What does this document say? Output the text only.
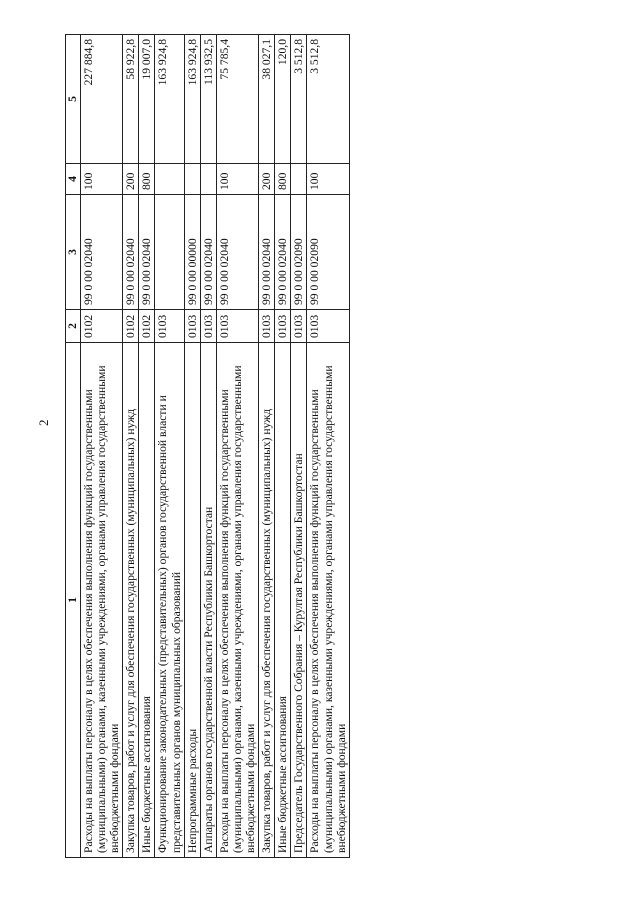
2
1	2	3	4	5
Расходы на выплаты персоналу в целях обеспечения выполнения функций государственными (муниципальными) органами, казенными учреждениями, органами управления государственными внебюджетными фондами	0102	99 0 00 02040	100	227 884,8
Закупка товаров, работ и услуг для обеспечения государственных (муниципальных) нужд	0102	99 0 00 02040	200	58 922,8
Иные бюджетные ассигнования	0102	99 0 00 02040	800	19 007,0
Функционирование законодательных (представительных) органов государственной власти и представительных органов муниципальных образований	0103			163 924,8
Непрограммные расходы	0103	99 0 00 00000		163 924,8
Аппараты органов государственной власти Республики Башкортостан	0103	99 0 00 02040		113 932,5
Расходы на выплаты персоналу в целях обеспечения выполнения функций государственными (муниципальными) органами, казенными учреждениями, органами управления государственными внебюджетными фондами	0103	99 0 00 02040	100	75 785,4
Закупка товаров, работ и услуг для обеспечения государственных (муниципальных) нужд	0103	99 0 00 02040	200	38 027,1
Иные бюджетные ассигнования	0103	99 0 00 02040	800	120,0
Председатель Государственного Собрания – Курултая Республики Башкортостан	0103	99 0 00 02090		3 512,8
Расходы на выплаты персоналу в целях обеспечения выполнения функций государственными (муниципальными) органами, казенными учреждениями, органами управления государственными внебюджетными фондами	0103	99 0 00 02090	100	3 512,8
